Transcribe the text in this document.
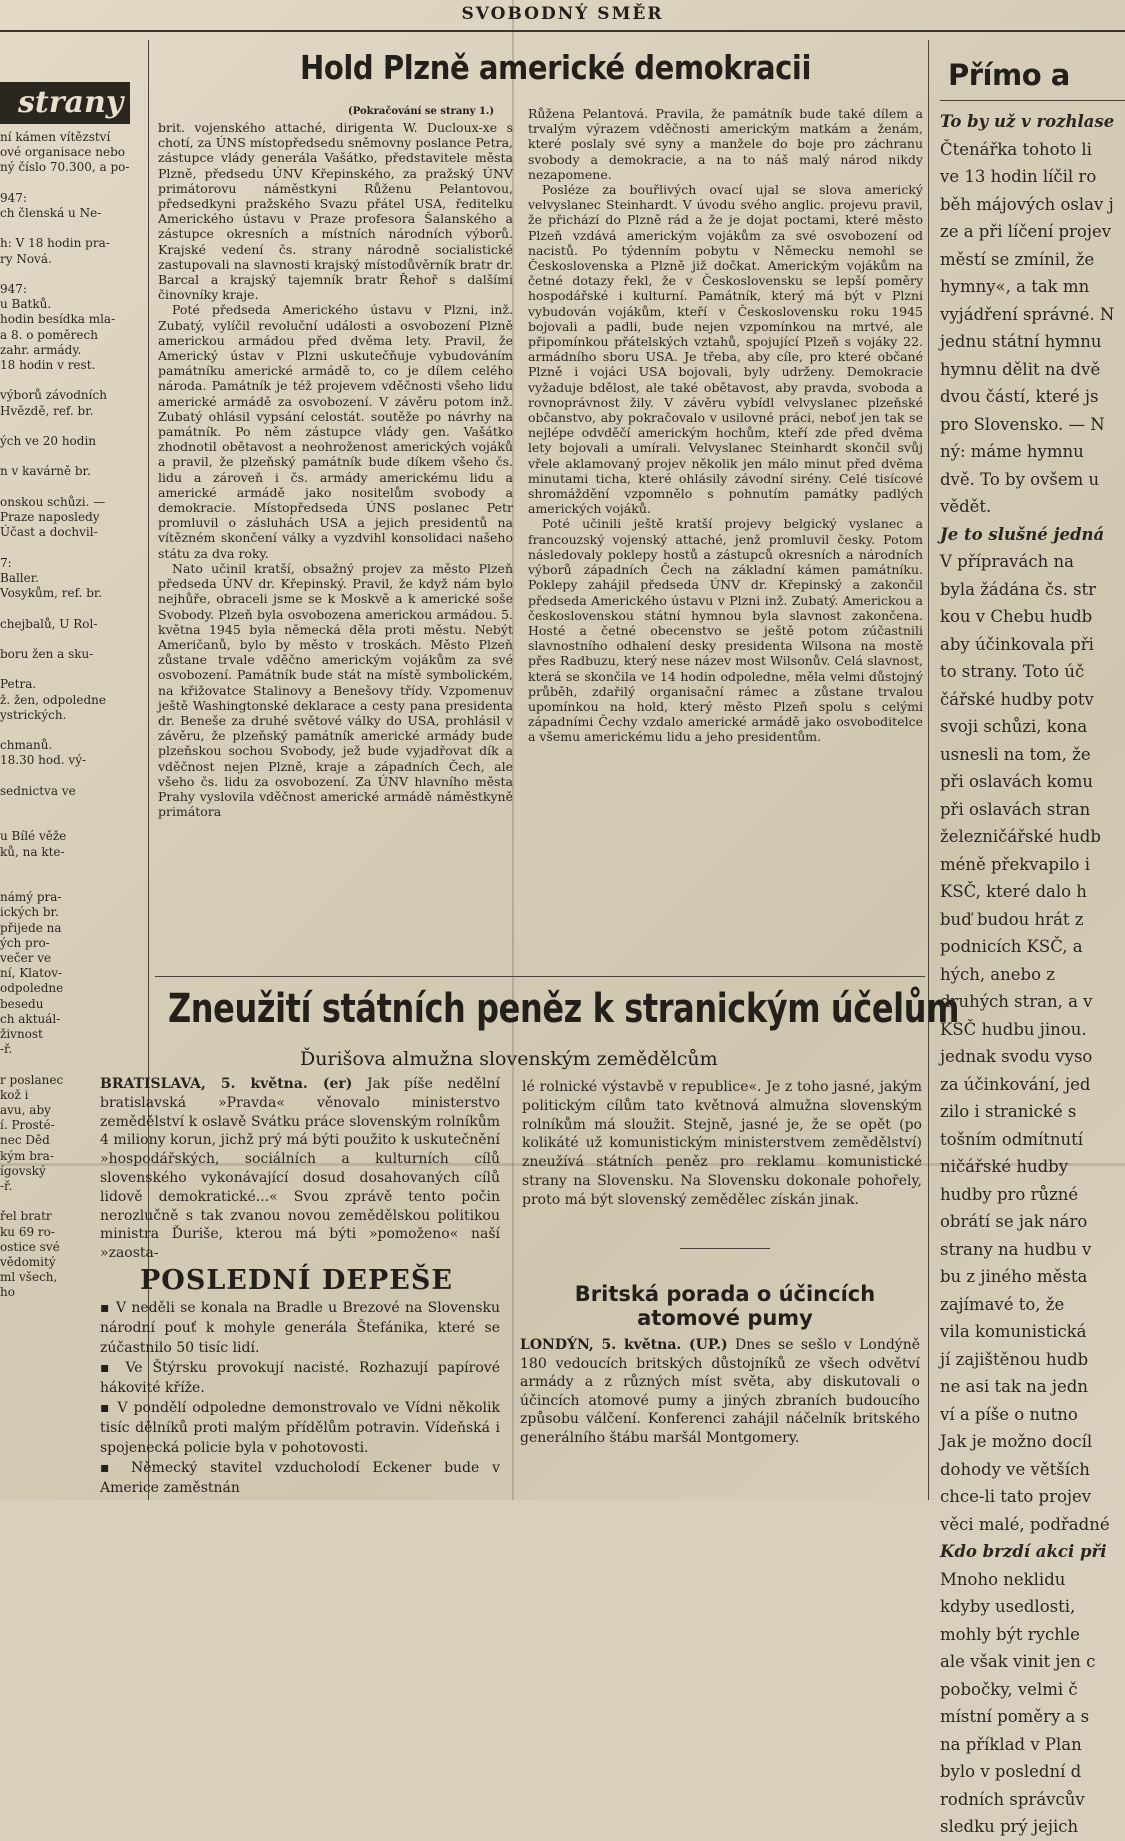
SVOBODNÝ SMĚR
strany
ní kámen vítězství
ové organisace nebo
ný číslo 70.300, a po-

947:
ch členská u Ne-

h: V 18 hodin pra-
ry Nová.

947:
u Batků.
hodin besídka mla-
a 8. o poměrech
zahr. armády.
18 hodin v rest.

výborů závodních
Hvězdě, ref. br.

ých ve 20 hodin

n v kavárně br.

onskou schůzi. —
Praze naposledy
Účast a dochvil-

7:
Baller.
Vosykům, ref. br.

chejbalů, U Rol-

boru žen a sku-

Petra.
ž. žen, odpoledne
ystrických.

chmanů.
18.30 hod. vý-

sednictva ve

u Bílé věže
ků, na kte-

námý pra-
ických br.
přijede na
ých pro-
večer ve
ní, Klatov-
odpoledne
besedu
ch aktuál-
živnost
-ř.

r poslanec
kož i
avu, aby
í. Prosté-
nec Děd
kým bra-
ígovský
-ř.

řel bratr
ku 69 ro-
ostice své
vědomitý
ml všech,
ho
Hold Plzně americké demokracii
(Pokračování se strany 1.)

brit. vojenského attaché, dirigenta W. Ducloux-xe s chotí, za ÚNS místopředsedu sněmovny poslance Petra, zástupce vlády generála Vašátko, představitele města Plzně, předsedu ÚNV Křepinského, za pražský ÚNV primátorovu náměstkyni Růženu Pelantovou, předsedkyni pražského Svazu přátel USA, ředitelku Amerického ústavu v Praze profesora Šalanského a zástupce okresních a místních národních výborů. Krajské vedení čs. strany národně socialistické zastupovali na slavnosti krajský místodůvěrník bratr dr. Barcal a krajský tajemník bratr Řehoř s dalšími činovníky kraje.

Poté předseda Amerického ústavu v Plzni, inž. Zubatý, vylíčil revoluční události a osvobození Plzně americkou armádou před dvěma lety. Pravil, že Americký ústav v Plzni uskutečňuje vybudováním památníku americké armádě to, co je dílem celého národa. Památník je též projevem vděčnosti všeho lidu americké armádě za osvobození. V závěru potom inž. Zubatý ohlásil vypsání celostát. soutěže po návrhy na památník. Po něm zástupce vlády gen. Vašátko zhodnotil obětavost a neohroženost amerických vojáků a pravil, že plzeňský památník bude díkem všeho čs. lidu a zároveň i čs. armády americkému lidu a americké armádě jako nositelům svobody a demokracie. Místopředseda ÚNS poslanec Petr promluvil o zásluhách USA a jejich presidentů na vítězném skončení války a vyzdvihl konsolidaci našeho státu za dva roky.

Nato učinil kratší, obsažný projev za město Plzeň předseda ÚNV dr. Křepinský. Pravil, že když nám bylo nejhůře, obraceli jsme se k Moskvě a k americké soše Svobody. Plzeň byla osvobozena americkou armádou. 5. května 1945 byla německá děla proti městu. Nebýt Američanů, bylo by město v troskách. Město Plzeň zůstane trvale vděčno americkým vojákům za své osvobození. Památník bude stát na místě symbolickém, na křižovatce Stalinovy a Benešovy třídy. Vzpomenuv ještě Washingtonské deklarace a cesty pana presidenta dr. Beneše za druhé světové války do USA, prohlásil v závěru, že plzeňský památník americké armády bude plzeňskou sochou Svobody, jež bude vyjadřovat dík a vděčnost nejen Plzně, kraje a západních Čech, ale všeho čs. lidu za osvobození. Za ÚNV hlavního města Prahy vyslovila vděčnost americké armádě náměstkyně primátora

Růžena Pelantová. Pravila, že památník bude také dílem a trvalým výrazem vděčnosti americkým matkám a ženám, které poslaly své syny a manžele do boje pro záchranu svobody a demokracie, a na to náš malý národ nikdy nezapomene.

Posléze za bouřlivých ovací ujal se slova americký velvyslanec Steinhardt. V úvodu svého anglic. projevu pravil, že přichází do Plzně rád a že je dojat poctami, které město Plzeň vzdává americkým vojákům za své osvobození od nacistů. Po týdenním pobytu v Německu nemohl se Československa a Plzně již dočkat. Americkým vojákům na četné dotazy řekl, že v Československu se lepší poměry hospodářské i kulturní. Památník, který má být v Plzni vybudován vojákům, kteří v Československu roku 1945 bojovali a padli, bude nejen vzpomínkou na mrtvé, ale připomínkou přátelských vztahů, spojující Plzeň s vojáky 22. armádního sboru USA. Je třeba, aby cíle, pro které občané Plzně i vojáci USA bojovali, byly udrženy. Demokracie vyžaduje bdělost, ale také obětavost, aby pravda, svoboda a rovnoprávnost žily. V závěru vybídl velvyslanec plzeňské občanstvo, aby pokračovalo v usilovné práci, neboť jen tak se nejlépe odvděčí americkým hochům, kteří zde před dvěma lety bojovali a umírali. Velvyslanec Steinhardt skončil svůj vřele aklamovaný projev několik jen málo minut před dvěma minutami ticha, které ohlásily závodní sirény. Celé tisícové shromáždění vzpomnělo s pohnutím památky padlých amerických vojáků.

Poté učinili ještě kratší projevy belgický vyslanec a francouzský vojenský attaché, jenž promluvil česky. Potom následovaly poklepy hostů a zástupců okresních a národních výborů západních Čech na základní kámen památníku. Poklepy zahájil předseda ÚNV dr. Křepinský a zakončil předseda Amerického ústavu v Plzni inž. Zubatý. Americkou a československou státní hymnou byla slavnost zakončena. Hosté a četné obecenstvo se ještě potom zúčastnili slavnostního odhalení desky presidenta Wilsona na mostě přes Radbuzu, který nese název most Wilsonův. Celá slavnost, která se skončila ve 14 hodin odpoledne, měla velmi důstojný průběh, zdařilý organisační rámec a zůstane trvalou upomínkou na hold, který město Plzeň spolu s celými západními Čechy vzdalo americké armádě jako osvoboditelce a všemu americkému lidu a jeho presidentům.

Zneužití státních peněz k stranickým účelům
Ďurišova almužna slovenským zemědělcům
BRATISLAVA, 5. května. (er) Jak píše nedělní bratislavská »Pravda« věnovalo ministerstvo zemědělství k oslavě Svátku práce slovenským rolníkům 4 miliony korun, jichž prý má býti použito k uskutečnění »hospodářských, sociálních a kulturních cílů slovenského vykonávající dosud dosahovaných cílů lidově demokratické...« Svou zprávě tento počin nerozlučně s tak zvanou novou zemědělskou politikou ministra Ďuriše, kterou má býti »pomoženo« naší »zaosta-
lé rolnické výstavbě v republice«. Je z toho jasné, jakým politickým cílům tato květnová almužna slovenským rolníkům má sloužit. Stejně, jasné je, že se opět (po kolikáté už komunistickým ministerstvem zemědělství) zneužívá státních peněz pro reklamu komunistické strany na Slovensku. Na Slovensku dokonale pohořely, proto má být slovenský zemědělec získán jinak.
POSLEDNÍ DEPEŠE

▪ V neděli se konala na Bradle u Brezové na Slovensku národní pouť k mohyle generála Štefánika, které se zúčastnilo 50 tisíc lidí.

▪ Ve Štýrsku provokují nacisté. Rozhazují papírové hákovité kříže.

▪ V pondělí odpoledne demonstrovalo ve Vídni několik tisíc dělníků proti malým přídělům potravin. Vídeňská i spojenecká policie byla v pohotovosti.

▪ Německý stavitel vzducholodí Eckener bude v Americe zaměstnán

Britská porada o účincích atomové pumy
LONDÝN, 5. května. (UP.) Dnes se sešlo v Londýně 180 vedoucích britských důstojníků ze všech odvětví armády a z různých míst světa, aby diskutovali o účincích atomové pumy a jiných zbraních budoucího způsobu válčení. Konferenci zahájil náčelník britského generálního štábu maršál Montgomery.
Přímo a
To by už v rozhlase
Čtenářka tohoto li
ve 13 hodin líčil ro
běh májových oslav j
ze a při líčení projev
městí se zmínil, že
hymny«, a tak mn
vyjádření správné. N
jednu státní hymnu
hymnu dělit na dvě
dvou částí, které js
pro Slovensko. — N
ný: máme hymnu
dvě. To by ovšem u
vědět.
Je to slušné jedná
V přípravách na
byla žádána čs. str
kou v Chebu hudb
aby účinkovala při
to strany. Toto úč
čářské hudby potv
svoji schůzi, kona
usnesli na tom, že
při oslavách komu
při oslavách stran
železničářské hudb
méně překvapilo i
KSČ, které dalo h
buď budou hrát z
podnicích KSČ, a
hých, anebo z
druhých stran, a v
KSČ hudbu jinou.
jednak svodu vyso
za účinkování, jed
zilo i stranické s
tošním odmítnutí
ničářské hudby
hudby pro různé
obrátí se jak náro
strany na hudbu v
bu z jiného města
zajímavé to, že
vila komunistická
jí zajištěnou hudb
ne asi tak na jedn
ví a píše o nutno
Jak je možno docíl
dohody ve větších
chce-li tato projev
věci malé, podřadné
Kdo brzdí akci při
Mnoho neklidu
kdyby usedlosti,
mohly být rychle
ale však vinit jen c
pobočky, velmi č
místní poměry a s
na příklad v Plan
bylo v poslední d
rodních správcův
sledku prý jejich
